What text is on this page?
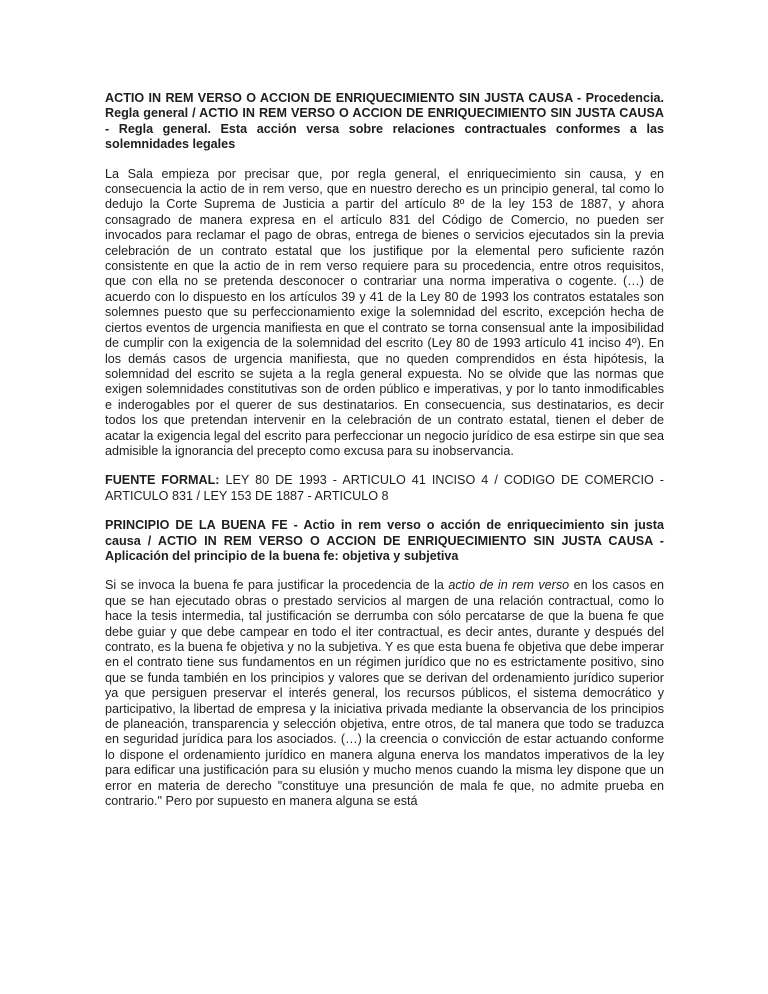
ACTIO IN REM VERSO O ACCION DE ENRIQUECIMIENTO SIN JUSTA CAUSA - Procedencia. Regla general / ACTIO IN REM VERSO O ACCION DE ENRIQUECIMIENTO SIN JUSTA CAUSA - Regla general. Esta acción versa sobre relaciones contractuales conformes a las solemnidades legales

La Sala empieza por precisar que, por regla general, el enriquecimiento sin causa, y en consecuencia la actio de in rem verso, que en nuestro derecho es un principio general, tal como lo dedujo la Corte Suprema de Justicia a partir del artículo 8º de la ley 153 de 1887, y ahora consagrado de manera expresa en el artículo 831 del Código de Comercio, no pueden ser invocados para reclamar el pago de obras, entrega de bienes o servicios ejecutados sin la previa celebración de un contrato estatal que los justifique por la elemental pero suficiente razón consistente en que la actio de in rem verso requiere para su procedencia, entre otros requisitos, que con ella no se pretenda desconocer o contrariar una norma imperativa o cogente. (…) de acuerdo con lo dispuesto en los artículos 39 y 41 de la Ley 80 de 1993 los contratos estatales son solemnes puesto que su perfeccionamiento exige la solemnidad del escrito, excepción hecha de ciertos eventos de urgencia manifiesta en que el contrato se torna consensual ante la imposibilidad de cumplir con la exigencia de la solemnidad del escrito (Ley 80 de 1993 artículo 41 inciso 4º). En los demás casos de urgencia manifiesta, que no queden comprendidos en ésta hipótesis, la solemnidad del escrito se sujeta a la regla general expuesta. No se olvide que las normas que exigen solemnidades constitutivas son de orden público e imperativas, y por lo tanto inmodificables e inderogables por el querer de sus destinatarios. En consecuencia, sus destinatarios, es decir todos los que pretendan intervenir en la celebración de un contrato estatal, tienen el deber de acatar la exigencia legal del escrito para perfeccionar un negocio jurídico de esa estirpe sin que sea admisible la ignorancia del precepto como excusa para su inobservancia.

FUENTE FORMAL: LEY 80 DE 1993 - ARTICULO 41 INCISO 4 / CODIGO DE COMERCIO - ARTICULO 831 / LEY 153 DE 1887 - ARTICULO 8

PRINCIPIO DE LA BUENA FE - Actio in rem verso o acción de enriquecimiento sin justa causa / ACTIO IN REM VERSO O ACCION DE ENRIQUECIMIENTO SIN JUSTA CAUSA - Aplicación del principio de la buena fe: objetiva y subjetiva

Si se invoca la buena fe para justificar la procedencia de la actio de in rem verso en los casos en que se han ejecutado obras o prestado servicios al margen de una relación contractual, como lo hace la tesis intermedia, tal justificación se derrumba con sólo percatarse de que la buena fe que debe guiar y que debe campear en todo el iter contractual, es decir antes, durante y después del contrato, es la buena fe objetiva y no la subjetiva. Y es que esta buena fe objetiva que debe imperar en el contrato tiene sus fundamentos en un régimen jurídico que no es estrictamente positivo, sino que se funda también en los principios y valores que se derivan del ordenamiento jurídico superior ya que persiguen preservar el interés general, los recursos públicos, el sistema democrático y participativo, la libertad de empresa y la iniciativa privada mediante la observancia de los principios de planeación, transparencia y selección objetiva, entre otros, de tal manera que todo se traduzca en seguridad jurídica para los asociados. (…) la creencia o convicción de estar actuando conforme lo dispone el ordenamiento jurídico en manera alguna enerva los mandatos imperativos de la ley para edificar una justificación para su elusión y mucho menos cuando la misma ley dispone que un error en materia de derecho "constituye una presunción de mala fe que, no admite prueba en contrario." Pero por supuesto en manera alguna se está
